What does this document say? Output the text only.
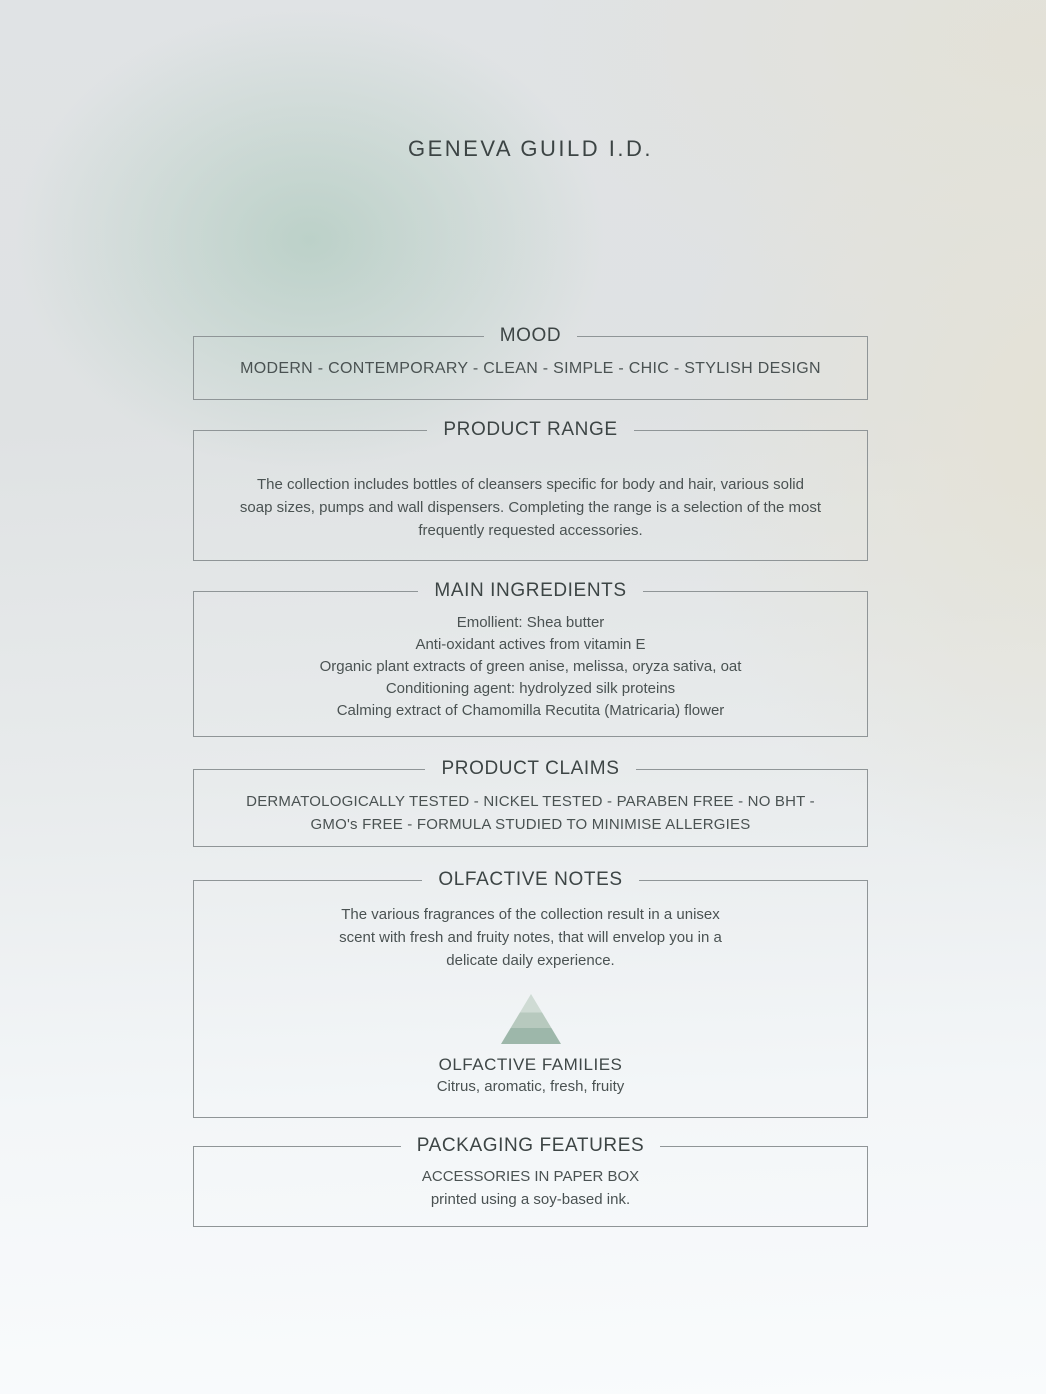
GENEVA GUILD I.D.
MOOD
MODERN - CONTEMPORARY - CLEAN - SIMPLE - CHIC - STYLISH DESIGN
PRODUCT RANGE
The collection includes bottles of cleansers specific for body and hair, various solid
soap sizes, pumps and wall dispensers. Completing the range is a selection of the most
frequently requested accessories.
MAIN INGREDIENTS
Emollient: Shea butter
Anti-oxidant actives from vitamin E
Organic plant extracts of green anise, melissa, oryza sativa, oat
Conditioning agent: hydrolyzed silk proteins
Calming extract of Chamomilla Recutita (Matricaria) flower
PRODUCT CLAIMS
DERMATOLOGICALLY TESTED - NICKEL TESTED - PARABEN FREE - NO BHT -
GMO's FREE - FORMULA STUDIED TO MINIMISE ALLERGIES
OLFACTIVE NOTES
The various fragrances of the collection result in a unisex
scent with fresh and fruity notes, that will envelop you in a
delicate daily experience.
OLFACTIVE FAMILIES
Citrus, aromatic, fresh, fruity
PACKAGING FEATURES
ACCESSORIES IN PAPER BOX
printed using a soy-based ink.
